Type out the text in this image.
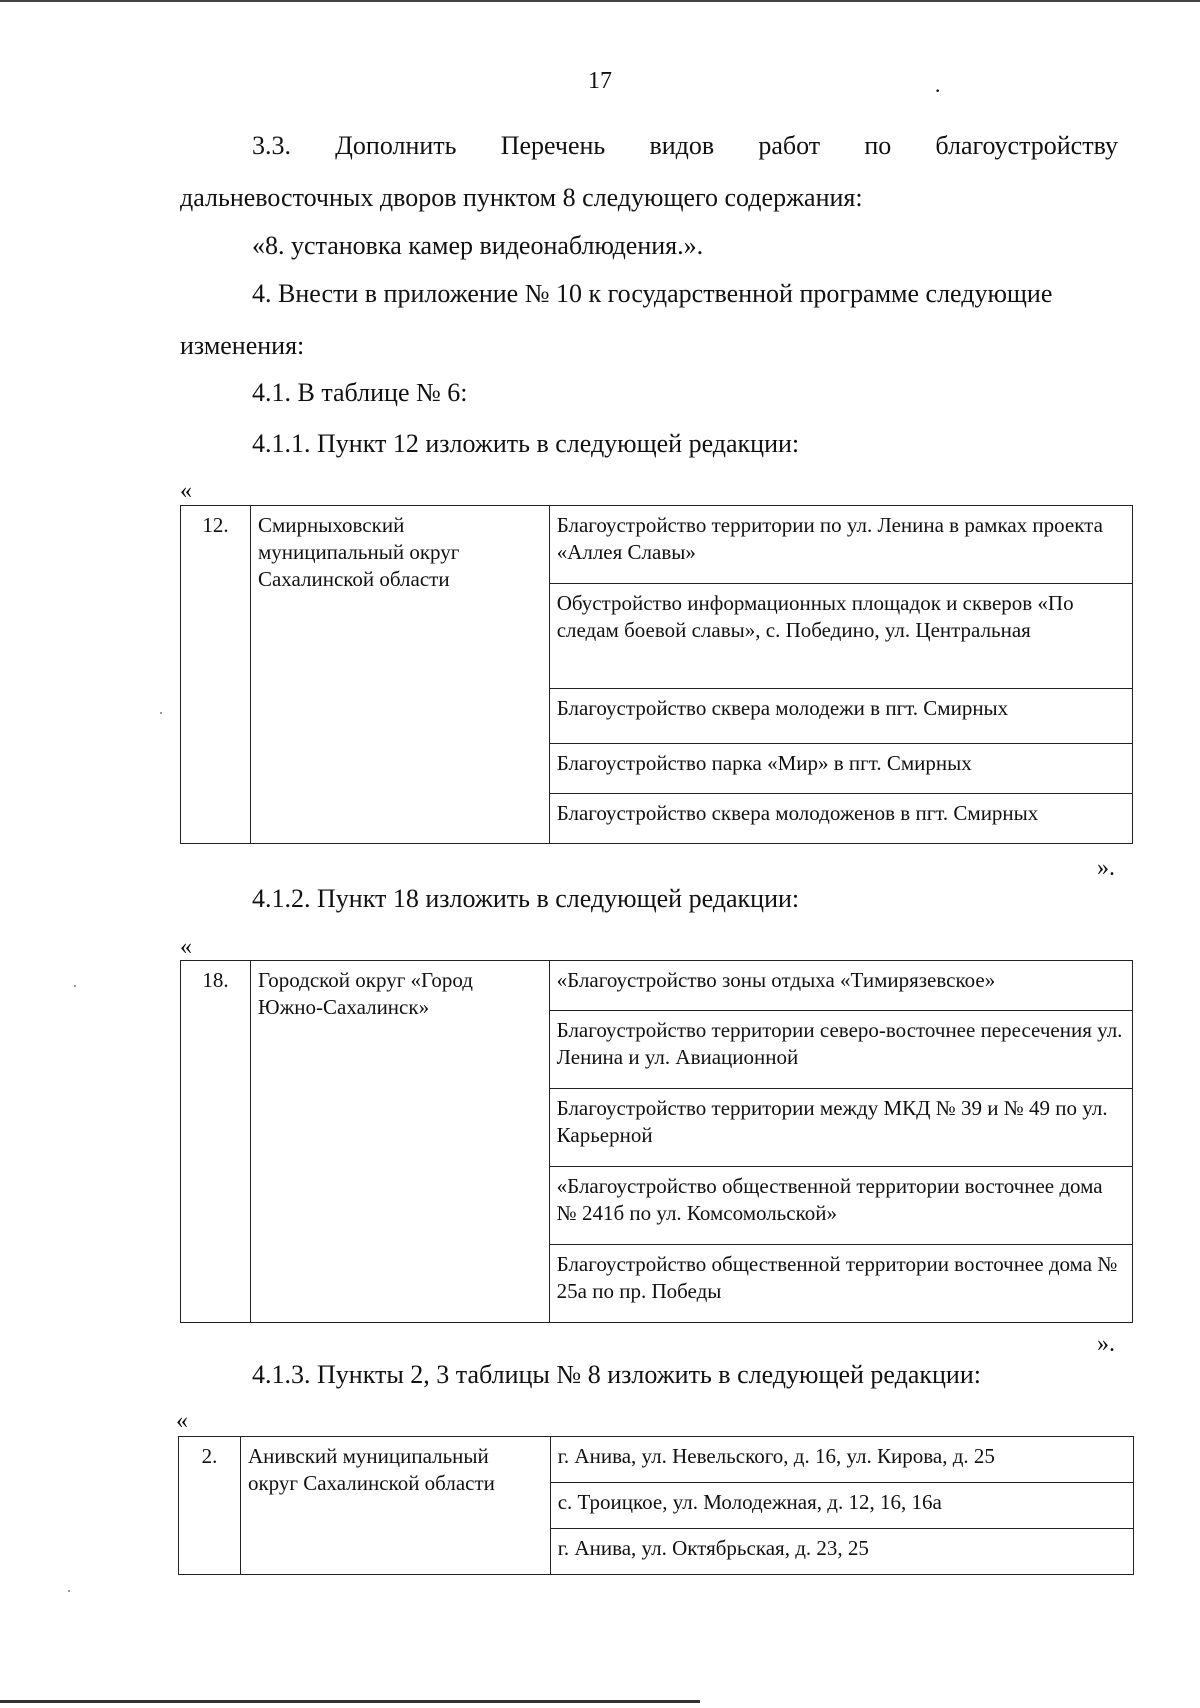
17	·
3.3. Дополнить Перечень видов работ по благоустройству
дальневосточных дворов пунктом 8 следующего содержания:
«8. установка камер видеонаблюдения.».
4. Внести в приложение № 10 к государственной программе следующие
изменения:
4.1. В таблице № 6:
4.1.1. Пункт 12 изложить в следующей редакции:
«
12.	Смирныховский муниципальный округ Сахалинской области	Благоустройство территории по ул. Ленина в рамках проекта «Аллея Славы»
Обустройство информационных площадок и скверов «По следам боевой славы», с. Побединo, ул. Центральная
Благоустройство сквера молодежи в пгт. Смирных
Благоустройство парка «Мир» в пгт. Смирных
Благоустройство сквера молодоженов в пгт. Смирных
».
4.1.2. Пункт 18 изложить в следующей редакции:
«
18.	Городской округ «Город Южно-Сахалинск»	«Благоустройство зоны отдыха «Тимирязевское»
Благоустройство территории северо-восточнее пересечения ул. Ленина и ул. Авиационной
Благоустройство территории между МКД № 39 и № 49 по ул. Карьерной
«Благоустройство общественной территории восточнее дома № 241б по ул. Комсомольской»
Благоустройство общественной территории восточнее дома № 25а по пр. Победы
».
4.1.3. Пункты 2, 3 таблицы № 8 изложить в следующей редакции:
«
2.	Анивский муниципальный округ Сахалинской области	г. Анива, ул. Невельского, д. 16, ул. Кирова, д. 25
с. Троицкое, ул. Молодежная, д. 12, 16, 16а
г. Анива, ул. Октябрьская, д. 23, 25
